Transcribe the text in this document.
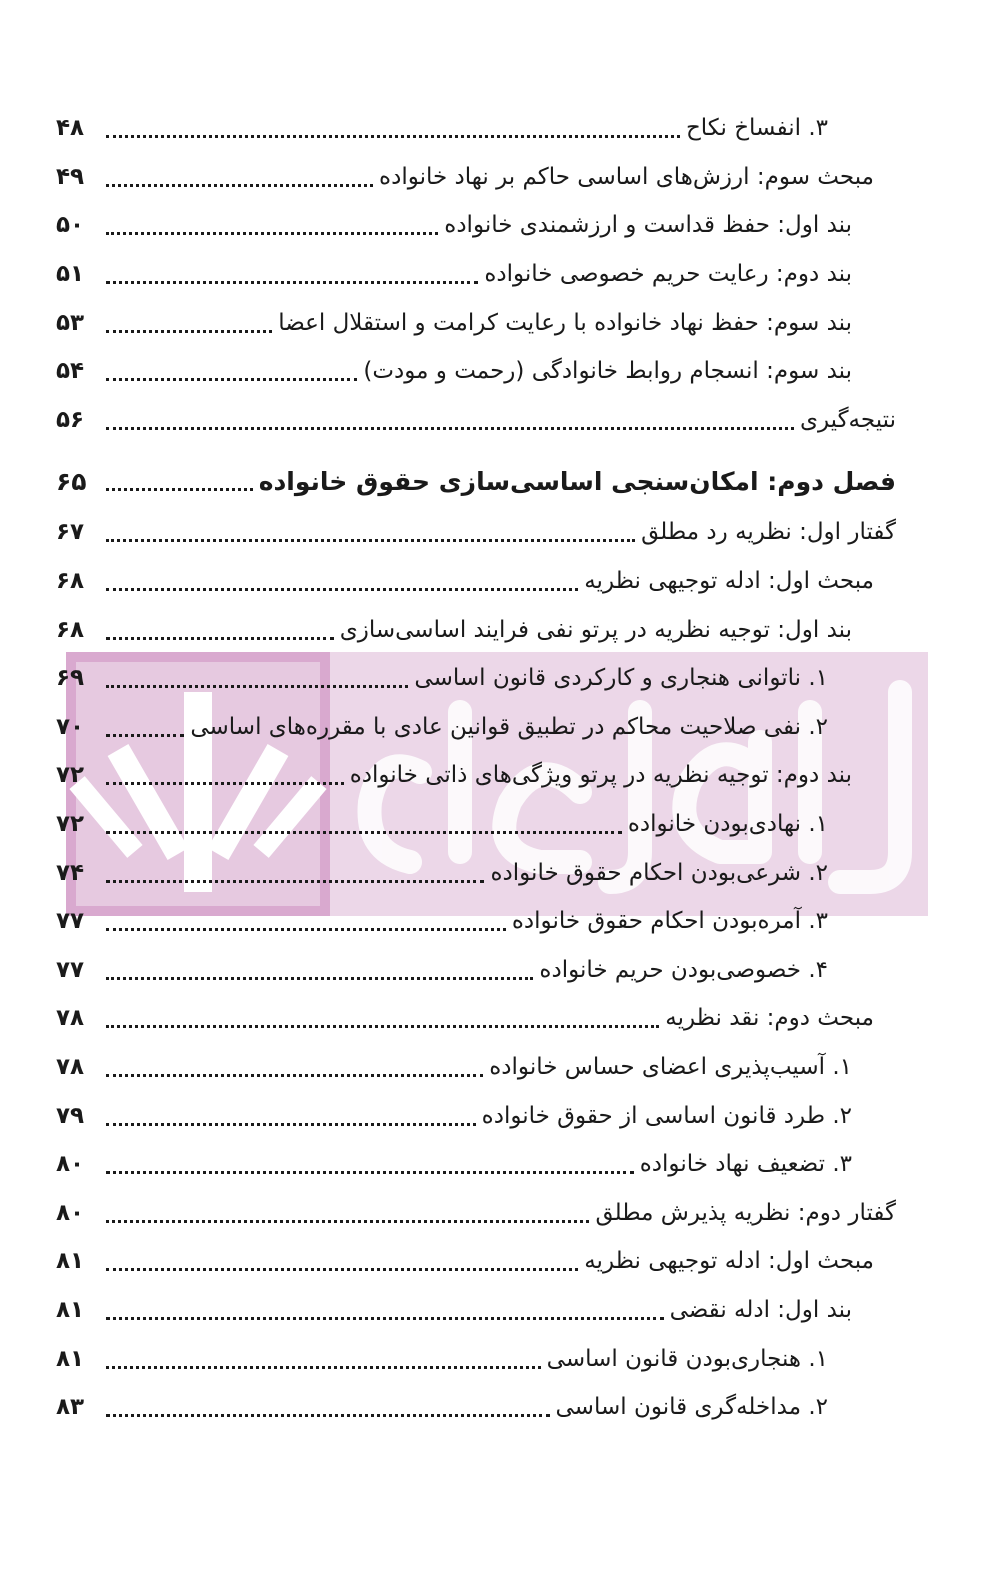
۳. انفساخ نکاح
۴۸
مبحث سوم: ارزش‌های اساسی حاکم بر نهاد خانواده
۴۹
بند اول: حفظ قداست و ارزشمندی خانواده
۵۰
بند دوم: رعایت حریم خصوصی خانواده
۵۱
بند سوم: حفظ نهاد خانواده با رعایت کرامت و استقلال اعضا
۵۳
بند سوم: انسجام روابط خانوادگی (رحمت و مودت)
۵۴
نتیجه‌گیری
۵۶
فصل دوم: امکان‌سنجی اساسی‌سازی حقوق خانواده
۶۵
گفتار اول: نظریه رد مطلق
۶۷
مبحث اول: ادله توجیهی نظریه
۶۸
بند اول: توجیه نظریه در پرتو نفی فرایند اساسی‌سازی
۶۸
۱. ناتوانی هنجاری و کارکردی قانون اساسی
۶۹
۲. نفی صلاحیت محاکم در تطبیق قوانین عادی با مقرره‌های اساسی
۷۰
بند دوم: توجیه نظریه در پرتو ویژگی‌های ذاتی خانواده
۷۲
۱. نهادی‌بودن خانواده
۷۲
۲. شرعی‌بودن احکام حقوق خانواده
۷۴
۳. آمره‌بودن احکام حقوق خانواده
۷۷
۴. خصوصی‌بودن حریم خانواده
۷۷
مبحث دوم: نقد نظریه
۷۸
۱. آسیب‌پذیری اعضای حساس خانواده
۷۸
۲. طرد قانون اساسی از حقوق خانواده
۷۹
۳. تضعیف نهاد خانواده
۸۰
گفتار دوم: نظریه پذیرش مطلق
۸۰
مبحث اول: ادله توجیهی نظریه
۸۱
بند اول: ادله نقضی
۸۱
۱. هنجاری‌بودن قانون اساسی
۸۱
۲. مداخله‌گری قانون اساسی
۸۳
